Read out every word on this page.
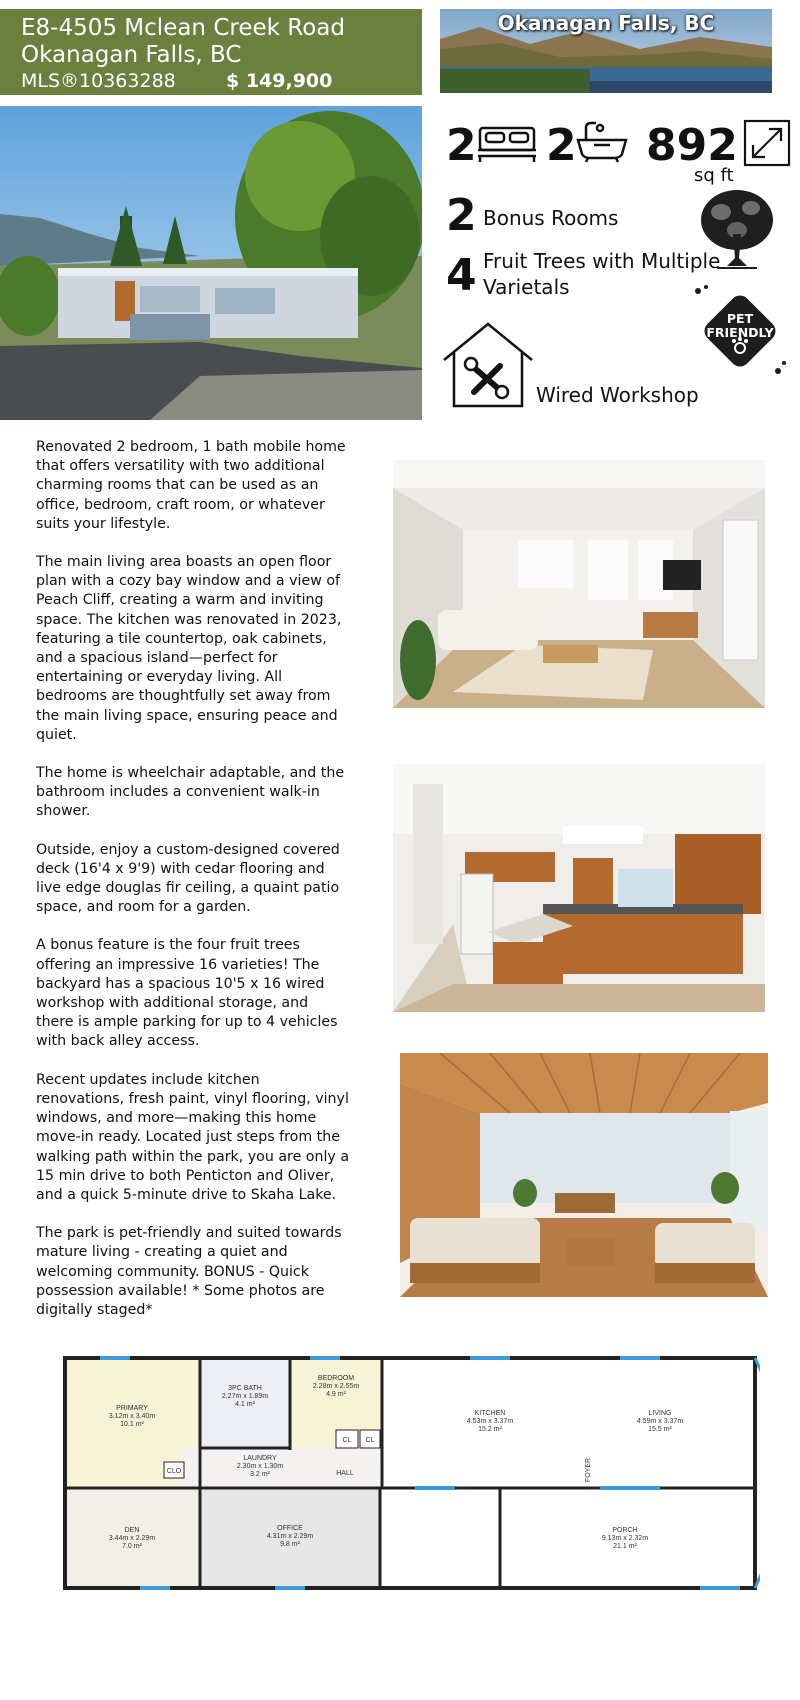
E8-4505 Mclean Creek Road
Okanagan Falls, BC
MLS®10363288	$ 149,900
Okanagan Falls, BC
2 2 892
sq ft
2 Bonus Rooms
4 Fruit Trees with Multiple
Varietals
PET
FRIENDLY
Wired Workshop

Renovated 2 bedroom, 1 bath mobile home that offers versatility with two additional charming rooms that can be used as an office, bedroom, craft room, or whatever suits your lifestyle.

The main living area boasts an open floor plan with a cozy bay window and a view of Peach Cliff, creating a warm and inviting space. The kitchen was renovated in 2023, featuring a tile countertop, oak cabinets, and a spacious island—perfect for entertaining or everyday living. All bedrooms are thoughtfully set away from the main living space, ensuring peace and quiet.

The home is wheelchair adaptable, and the bathroom includes a convenient walk-in shower.

Outside, enjoy a custom-designed covered deck (16'4 x 9'9) with cedar flooring and live edge douglas fir ceiling, a quaint patio space, and room for a garden.

A bonus feature is the four fruit trees offering an impressive 16 varieties! The backyard has a spacious 10'5 x 16 wired workshop with additional storage, and there is ample parking for up to 4 vehicles with back alley access.

Recent updates include kitchen renovations, fresh paint, vinyl flooring, vinyl windows, and more—making this home move-in ready. Located just steps from the walking path within the park, you are only a 15 min drive to both Penticton and Oliver, and a quick 5-minute drive to Skaha Lake.

The park is pet-friendly and suited towards mature living - creating a quiet and welcoming community. BONUS - Quick possession available! * Some photos are digitally staged*

PRIMARY
3.12m x 3.40m
10.1 m²
3PC BATH
2.27m x 1.89m
4.1 m²
BEDROOM
2.28m x 2.55m
4.9 m²
KITCHEN
4.53m x 3.37m
15.2 m²
LIVING
4.59m x 3.37m
15.5 m²
LAUNDRY
2.30m x 1.30m
3.2 m²
DEN
3.44m x 2.29m
7.0 m²
OFFICE
4.31m x 2.29m
9.8 m²
PORCH
9.13m x 2.32m
21.1 m²
CLO
CL CL
HALL	FOYER
